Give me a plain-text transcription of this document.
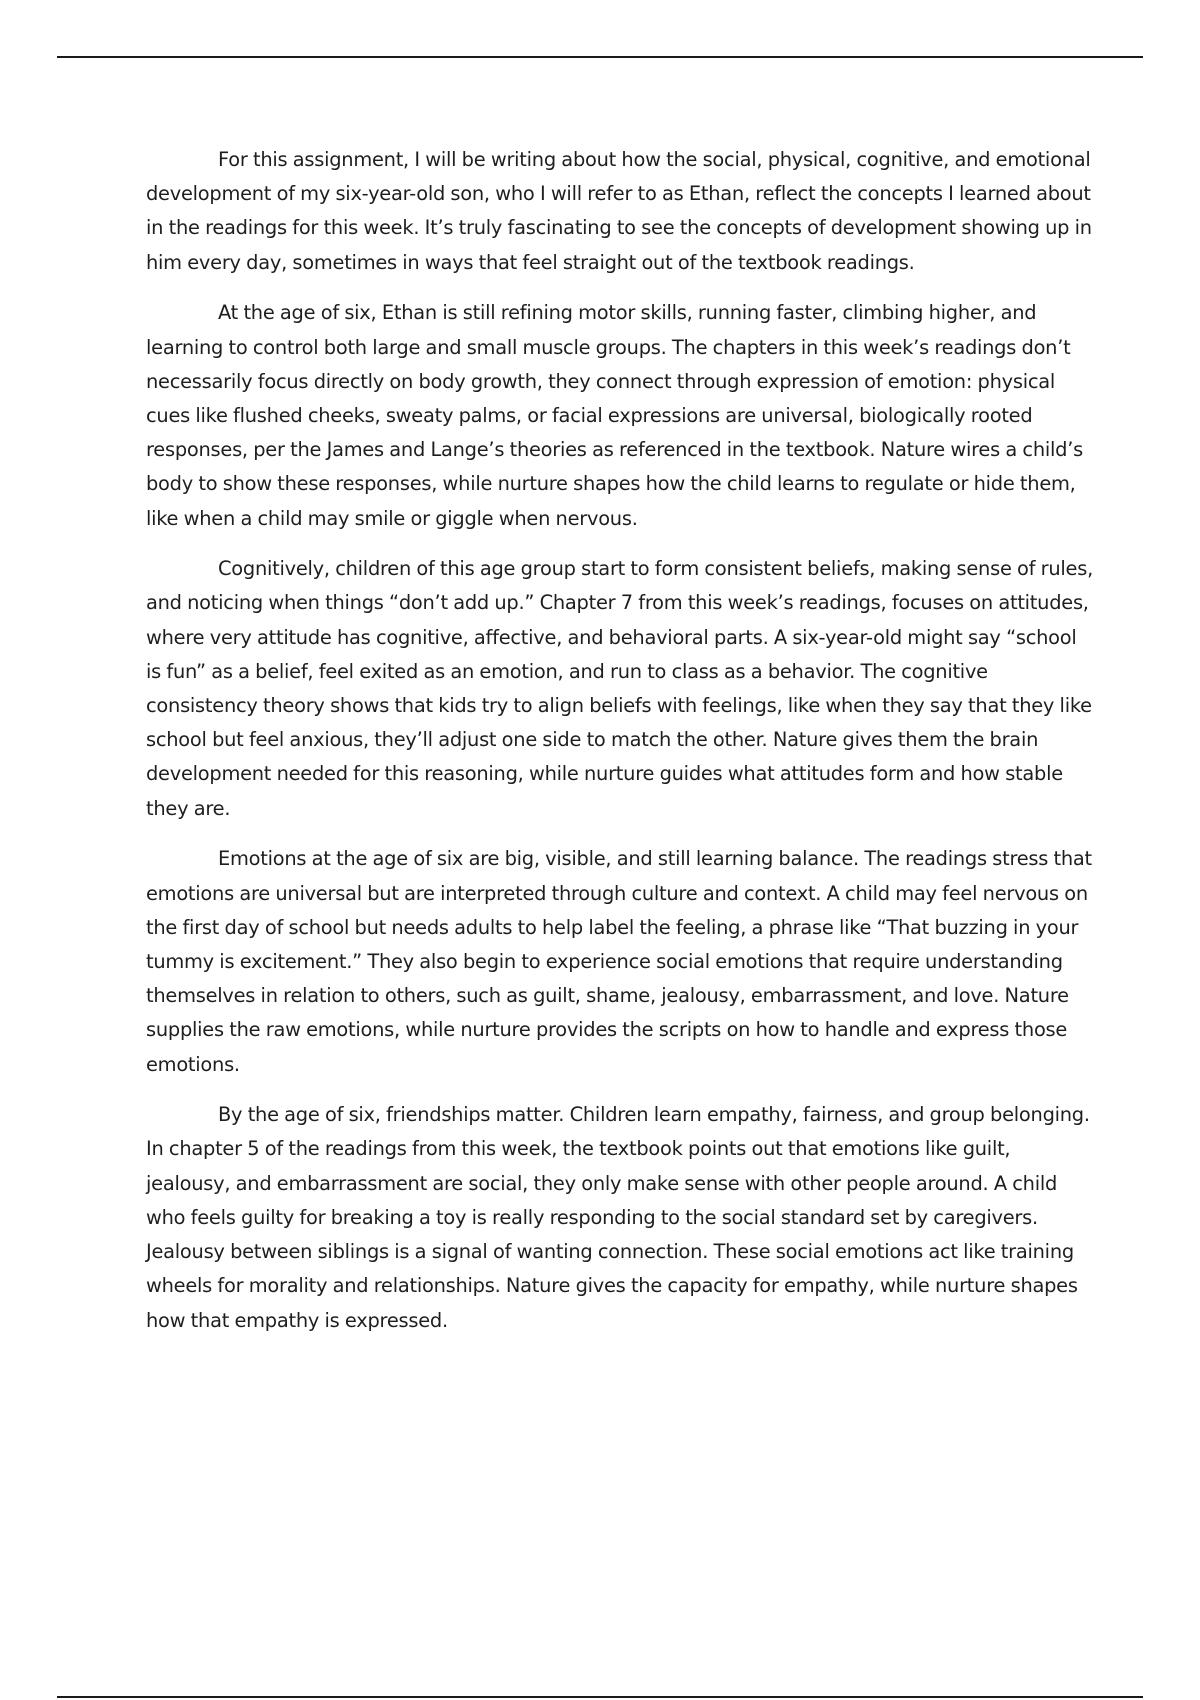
For this assignment, I will be writing about how the social, physical, cognitive, and emotional development of my six-year-old son, who I will refer to as Ethan, reflect the concepts I learned about in the readings for this week. It’s truly fascinating to see the concepts of development showing up in him every day, sometimes in ways that feel straight out of the textbook readings.

At the age of six, Ethan is still refining motor skills, running faster, climbing higher, and learning to control both large and small muscle groups. The chapters in this week’s readings don’t necessarily focus directly on body growth, they connect through expression of emotion: physical cues like flushed cheeks, sweaty palms, or facial expressions are universal, biologically rooted responses, per the James and Lange’s theories as referenced in the textbook. Nature wires a child’s body to show these responses, while nurture shapes how the child learns to regulate or hide them, like when a child may smile or giggle when nervous.

Cognitively, children of this age group start to form consistent beliefs, making sense of rules, and noticing when things “don’t add up.” Chapter 7 from this week’s readings, focuses on attitudes, where very attitude has cognitive, affective, and behavioral parts. A six-year-old might say “school is fun” as a belief, feel exited as an emotion, and run to class as a behavior. The cognitive consistency theory shows that kids try to align beliefs with feelings, like when they say that they like school but feel anxious, they’ll adjust one side to match the other. Nature gives them the brain development needed for this reasoning, while nurture guides what attitudes form and how stable they are.

Emotions at the age of six are big, visible, and still learning balance. The readings stress that emotions are universal but are interpreted through culture and context. A child may feel nervous on the first day of school but needs adults to help label the feeling, a phrase like “That buzzing in your tummy is excitement.” They also begin to experience social emotions that require understanding themselves in relation to others, such as guilt, shame, jealousy, embarrassment, and love. Nature supplies the raw emotions, while nurture provides the scripts on how to handle and express those emotions.

By the age of six, friendships matter. Children learn empathy, fairness, and group belonging. In chapter 5 of the readings from this week, the textbook points out that emotions like guilt, jealousy, and embarrassment are social, they only make sense with other people around. A child who feels guilty for breaking a toy is really responding to the social standard set by caregivers. Jealousy between siblings is a signal of wanting connection. These social emotions act like training wheels for morality and relationships. Nature gives the capacity for empathy, while nurture shapes how that empathy is expressed.
